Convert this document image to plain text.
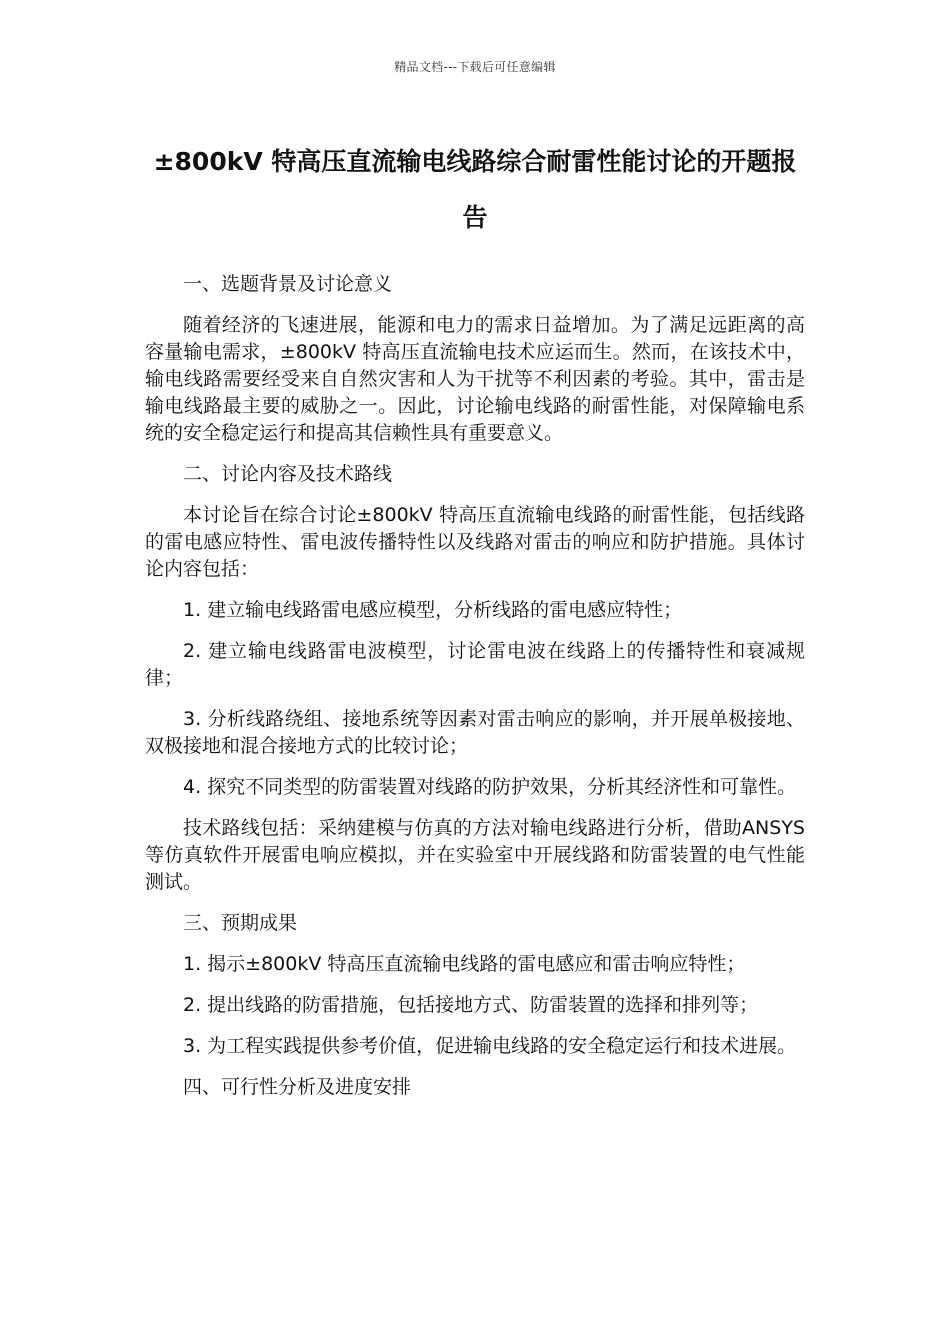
精品文档---下载后可任意编辑
±800kV 特高压直流输电线路综合耐雷性能讨论的开题报告

一、选题背景及讨论意义

随着经济的飞速进展，能源和电力的需求日益增加。为了满足远距离的高容量输电需求，±800kV 特高压直流输电技术应运而生。然而，在该技术中，输电线路需要经受来自自然灾害和人为干扰等不利因素的考验。其中，雷击是输电线路最主要的威胁之一。因此，讨论输电线路的耐雷性能，对保障输电系统的安全稳定运行和提高其信赖性具有重要意义。

二、讨论内容及技术路线

本讨论旨在综合讨论±800kV 特高压直流输电线路的耐雷性能，包括线路的雷电感应特性、雷电波传播特性以及线路对雷击的响应和防护措施。具体讨论内容包括：

1. 建立输电线路雷电感应模型，分析线路的雷电感应特性；

2. 建立输电线路雷电波模型，讨论雷电波在线路上的传播特性和衰减规律；

3. 分析线路绕组、接地系统等因素对雷击响应的影响，并开展单极接地、双极接地和混合接地方式的比较讨论；

4. 探究不同类型的防雷装置对线路的防护效果，分析其经济性和可靠性。

技术路线包括：采纳建模与仿真的方法对输电线路进行分析，借助ANSYS 等仿真软件开展雷电响应模拟，并在实验室中开展线路和防雷装置的电气性能测试。

三、预期成果

1. 揭示±800kV 特高压直流输电线路的雷电感应和雷击响应特性；

2. 提出线路的防雷措施，包括接地方式、防雷装置的选择和排列等；

3. 为工程实践提供参考价值，促进输电线路的安全稳定运行和技术进展。

四、可行性分析及进度安排
